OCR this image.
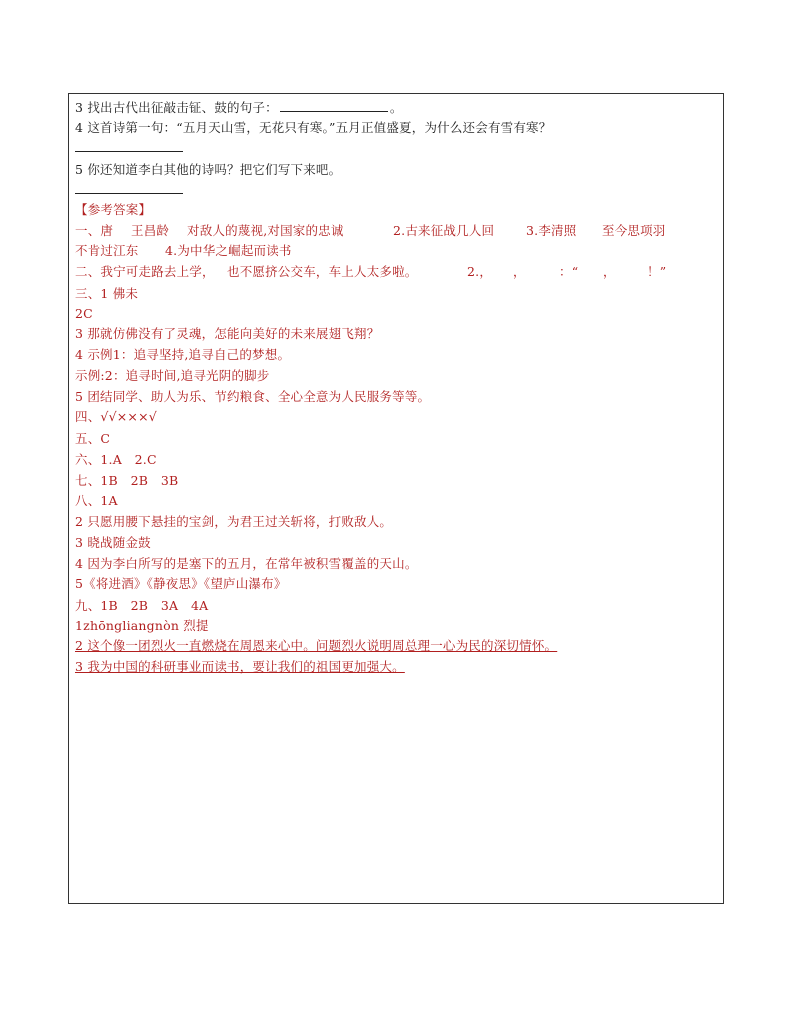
3 找出古代出征敲击钲、鼓的句子：	。
4 这首诗第一句：“五月天山雪，无花只有寒。”五月正值盛夏，为什么还会有雪有寒？
5 你还知道李白其他的诗吗？把它们写下来吧。
【参考答案】
一、唐 王昌龄 对敌人的蔑视,对国家的忠诚	2.古来征战几人回	3.李清照 至今思项羽
不肯过江东 4.为中华之崛起而读书
二、我宁可走路去上学， 也不愿挤公交车，车上人太多啦。	2.， ，	：“ ，	！”
三、1 佛未
2C
3 那就仿佛没有了灵魂，怎能向美好的未来展翅飞翔？
4 示例1：追寻坚持,追寻自己的梦想。
示例:2：追寻时间,追寻光阴的脚步
5 团结同学、助人为乐、节约粮食、全心全意为人民服务等等。
四、√√×××√
五、C
六、1.A　2.C
七、1B　2B　3B
八、1A
2 只愿用腰下悬挂的宝剑，为君王过关斩将，打败敌人。
3 晓战随金鼓
4 因为李白所写的是塞下的五月，在常年被积雪覆盖的天山。
5《将进酒》《静夜思》《望庐山瀑布》
九、1B　2B　3A　4A
1zhōngliangnòn 烈提
2 这个像一团烈火一直燃烧在周恩来心中。问题烈火说明周总理一心为民的深切情怀。
3 我为中国的科研事业而读书，要让我们的祖国更加强大。
